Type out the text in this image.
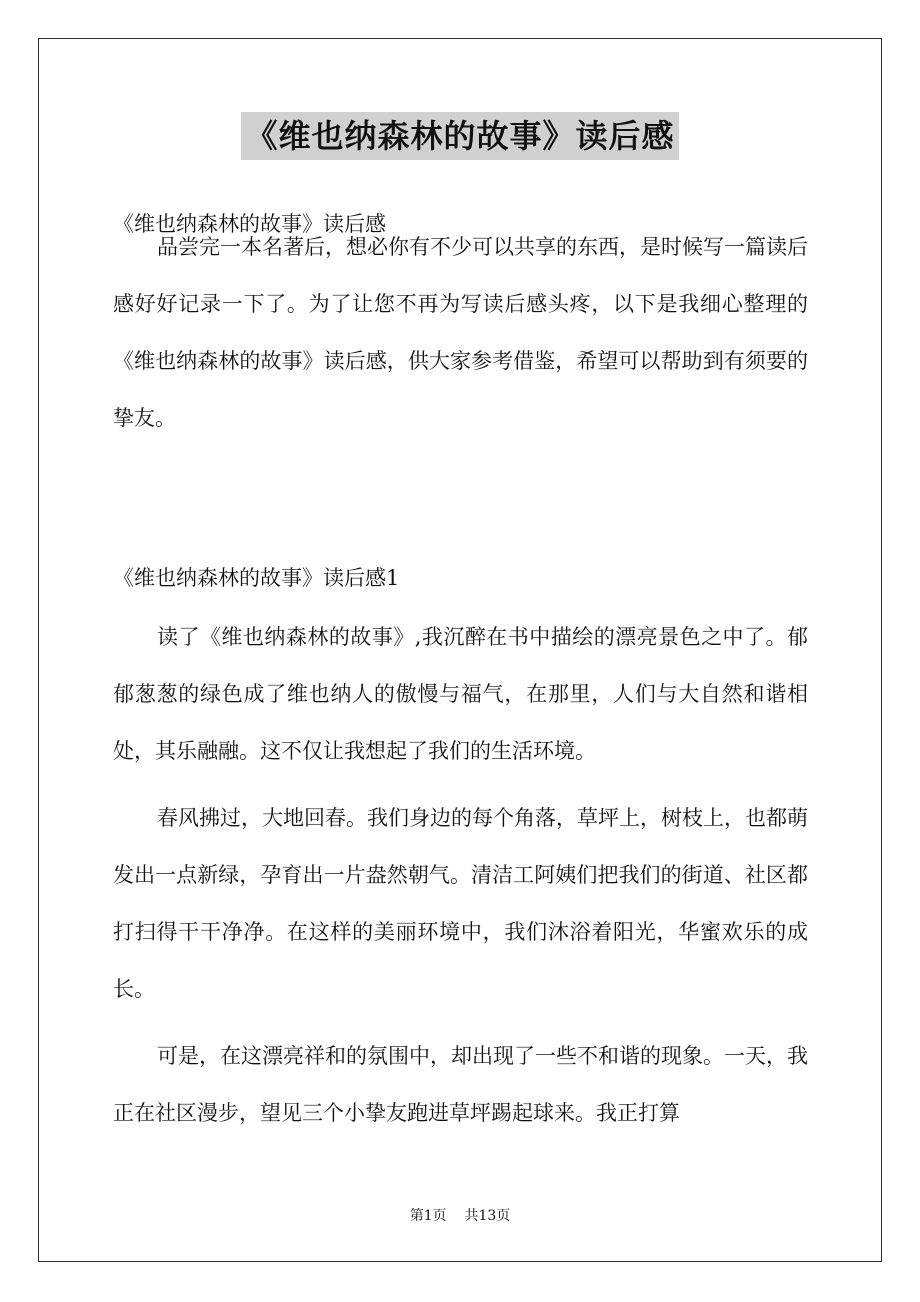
《维也纳森林的故事》读后感

《维也纳森林的故事》读后感

品尝完一本名著后，想必你有不少可以共享的东西，是时候写一篇读后感好好记录一下了。为了让您不再为写读后感头疼，以下是我细心整理的《维也纳森林的故事》读后感，供大家参考借鉴，希望可以帮助到有须要的挚友。

《维也纳森林的故事》读后感1

读了《维也纳森林的故事》,我沉醉在书中描绘的漂亮景色之中了。郁郁葱葱的绿色成了维也纳人的傲慢与福气，在那里，人们与大自然和谐相处，其乐融融。这不仅让我想起了我们的生活环境。

春风拂过，大地回春。我们身边的每个角落，草坪上，树枝上，也都萌发出一点新绿，孕育出一片盎然朝气。清洁工阿姨们把我们的街道、社区都打扫得干干净净。在这样的美丽环境中，我们沐浴着阳光，华蜜欢乐的成长。

可是，在这漂亮祥和的氛围中，却出现了一些不和谐的现象。一天，我正在社区漫步，望见三个小挚友跑进草坪踢起球来。我正打算

第1页 共13页
